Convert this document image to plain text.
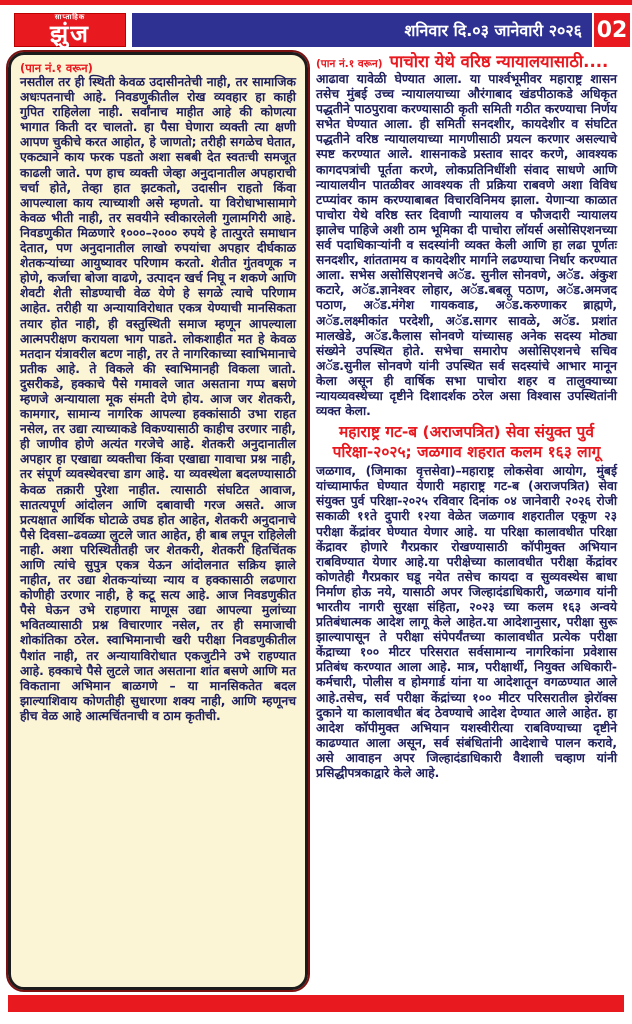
साप्ताहिक
झुंज	शनिवार दि.०३ जानेवारी २०२६ 02
(पान नं.१ वरून)
नसतील तर ही स्थिती केवळ उदासीनतेची नाही, तर सामाजिक अधःपतनाची आहे. निवडणुकीतील रोख व्यवहार हा काही गुपित राहिलेला नाही. सर्वांनाच माहीत आहे की कोणत्या भागात किती दर चालतो. हा पैसा घेणारा व्यक्ती त्या क्षणी आपण चुकीचे करत आहोत, हे जाणतो; तरीही सगळेच घेतात, एकट्याने काय फरक पडतो अशा सबबी देत स्वतःची समजूत काढली जाते. पण हाच व्यक्ती जेव्हा अनुदानातील अपहाराची चर्चा होते, तेव्हा हात झटकतो, उदासीन राहतो किंवा आपल्याला काय त्याच्याशी असे म्हणतो. या विरोधाभासामागे केवळ भीती नाही, तर सवयीने स्वीकारलेली गुलामगिरी आहे. निवडणुकीत मिळणारे १०००–२००० रुपये हे तात्पुरते समाधान देतात, पण अनुदानातील लाखो रुपयांचा अपहार दीर्घकाळ शेतकऱ्यांच्या आयुष्यावर परिणाम करतो. शेतीत गुंतवणूक न होणे, कर्जाचा बोजा वाढणे, उत्पादन खर्च निघू न शकणे आणि शेवटी शेती सोडण्याची वेळ येणे हे सगळे त्याचे परिणाम आहेत. तरीही या अन्यायाविरोधात एकत्र येण्याची मानसिकता तयार होत नाही, ही वस्तुस्थिती समाज म्हणून आपल्याला आत्मपरीक्षण करायला भाग पाडते. लोकशाहीत मत हे केवळ मतदान यंत्रावरील बटण नाही, तर ते नागरिकाच्या स्वाभिमानाचे प्रतीक आहे. ते विकले की स्वाभिमानही विकला जातो. दुसरीकडे, हक्काचे पैसे गमावले जात असताना गप्प बसणे म्हणजे अन्यायाला मूक संमती देणे होय. आज जर शेतकरी, कामगार, सामान्य नागरिक आपल्या हक्कांसाठी उभा राहत नसेल, तर उद्या त्याच्याकडे विकण्यासाठी काहीच उरणार नाही, ही जाणीव होणे अत्यंत गरजेचे आहे. शेतकरी अनुदानातील अपहार हा एखाद्या व्यक्तीचा किंवा एखाद्या गावाचा प्रश्न नाही, तर संपूर्ण व्यवस्थेवरचा डाग आहे. या व्यवस्थेला बदलण्यासाठी केवळ तक्रारी पुरेशा नाहीत. त्यासाठी संघटित आवाज, सातत्यपूर्ण आंदोलन आणि दबावाची गरज असते. आज प्रत्यक्षात आर्थिक घोटाळे उघड होत आहेत, शेतकरी अनुदानाचे पैसे दिवसा–ढवळ्या लुटले जात आहेत, ही बाब लपून राहिलेली नाही. अशा परिस्थितीतही जर शेतकरी, शेतकरी हितचिंतक आणि त्यांचे सुपुत्र एकत्र येऊन आंदोलनात सक्रिय झाले नाहीत, तर उद्या शेतकऱ्यांच्या न्याय व हक्कासाठी लढणारा कोणीही उरणार नाही, हे कटू सत्य आहे. आज निवडणुकीत पैसे घेऊन उभे राहणारा माणूस उद्या आपल्या मुलांच्या भवितव्यासाठी प्रश्न विचारणार नसेल, तर ही समाजाची शोकांतिका ठरेल. स्वाभिमानाची खरी परीक्षा निवडणुकीतील पैशांत नाही, तर अन्यायाविरोधात एकजुटीने उभे राहण्यात आहे. हक्काचे पैसे लुटले जात असताना शांत बसणे आणि मत विकताना अभिमान बाळगणे – या मानसिकतेत बदल झाल्याशिवाय कोणतीही सुधारणा शक्य नाही, आणि म्हणूनच हीच वेळ आहे आत्मचिंतनाची व ठाम कृतीची.
(पान नं.१ वरून) पाचोरा येथे वरिष्ठ न्यायालयासाठी....
आढावा यावेळी घेण्यात आला. या पार्श्वभूमीवर महाराष्ट्र शासन तसेच मुंबई उच्च न्यायालयाच्या औरंगाबाद खंडपीठाकडे अधिकृत पद्धतीने पाठपुरावा करण्यासाठी कृती समिती गठीत करण्याचा निर्णय सभेत घेण्यात आला. ही समिती सनदशीर, कायदेशीर व संघटित पद्धतीने वरिष्ठ न्यायालयाच्या मागणीसाठी प्रयत्न करणार असल्याचे स्पष्ट करण्यात आले. शासनाकडे प्रस्ताव सादर करणे, आवश्यक कागदपत्रांची पूर्तता करणे, लोकप्रतिनिधींशी संवाद साधणे आणि न्यायालयीन पातळीवर आवश्यक ती प्रक्रिया राबवणे अशा विविध टप्प्यांवर काम करण्याबाबत विचारविनिमय झाला. येणाऱ्या काळात पाचोरा येथे वरिष्ठ स्तर दिवाणी न्यायालय व फौजदारी न्यायालय झालेच पाहिजे अशी ठाम भूमिका दी पाचोरा लॉयर्स असोसिएशनच्या सर्व पदाधिकाऱ्यांनी व सदस्यांनी व्यक्त केली आणि हा लढा पूर्णतः सनदशीर, शांततामय व कायदेशीर मार्गाने लढण्याचा निर्धार करण्यात आला. सभेस असोसिएशनचे अॅड. सुनील सोनवणे, अॅड. अंकुश कटारे, अॅड.ज्ञानेश्वर लोहार, अॅड.बबलू पठाण, अॅड.अमजद पठाण, अॅड.मंगेश गायकवाड, अॅड.करुणाकर ब्राह्मणे, अॅड.लक्ष्मीकांत परदेशी, अॅड.सागर सावळे, अॅड. प्रशांत मालखेडे, अॅड.कैलास सोनवणे यांच्यासह अनेक सदस्य मोठ्या संख्येने उपस्थित होते. सभेचा समारोप असोसिएशनचे सचिव अॅड.सुनील सोनवणे यांनी उपस्थित सर्व सदस्यांचे आभार मानून केला असून ही वार्षिक सभा पाचोरा शहर व तालुक्याच्या न्यायव्यवस्थेच्या दृष्टीने दिशादर्शक ठरेल असा विश्वास उपस्थितांनी व्यक्त केला.
महाराष्ट्र गट-ब (अराजपत्रित) सेवा संयुक्त पुर्व
परिक्षा-२०२५; जळगाव शहरात कलम १६३ लागू
जळगाव, (जिमाका वृत्तसेवा)–महाराष्ट्र लोकसेवा आयोग, मुंबई यांच्यामार्फत घेण्यात येणारी महाराष्ट्र गट-ब (अराजपत्रित) सेवा संयुक्त पुर्व परिक्षा-२०२५ रविवार दिनांक ०४ जानेवारी २०२६ रोजी सकाळी ११ते दुपारी १२या वेळेत जळगाव शहरातील एकूण २३ परीक्षा केंद्रांवर घेण्यात येणार आहे. या परिक्षा कालावधीत परिक्षा केंद्रावर होणारे गैरप्रकार रोखण्यासाठी कॉपीमुक्त अभियान राबविण्यात येणार आहे.या परीक्षेच्या कालावधीत परीक्षा केंद्रांवर कोणतेही गैरप्रकार घडू नयेत तसेच कायदा व सुव्यवस्थेस बाधा निर्माण होऊ नये, यासाठी अपर जिल्हादंडाधिकारी, जळगाव यांनी भारतीय नागरी सुरक्षा संहिता, २०२३ च्या कलम १६३ अन्वये प्रतिबंधात्मक आदेश लागू केले आहेत.या आदेशानुसार, परीक्षा सुरू झाल्यापासून ते परीक्षा संपेपर्यंतच्या कालावधीत प्रत्येक परीक्षा केंद्राच्या १०० मीटर परिसरात सर्वसामान्य नागरिकांना प्रवेशास प्रतिबंध करण्यात आला आहे. मात्र, परीक्षार्थी, नियुक्त अधिकारी-कर्मचारी, पोलीस व होमगार्ड यांना या आदेशातून वगळण्यात आले आहे.तसेच, सर्व परीक्षा केंद्रांच्या १०० मीटर परिसरातील झेरॉक्स दुकाने या कालावधीत बंद ठेवण्याचे आदेश देण्यात आले आहेत. हा आदेश कॉपीमुक्त अभियान यशस्वीरीत्या राबविण्याच्या दृष्टीने काढण्यात आला असून, सर्व संबंधितांनी आदेशाचे पालन करावे, असे आवाहन अपर जिल्हादंडाधिकारी वैशाली चव्हाण यांनी प्रसिद्धीपत्रकाद्वारे केले आहे.
